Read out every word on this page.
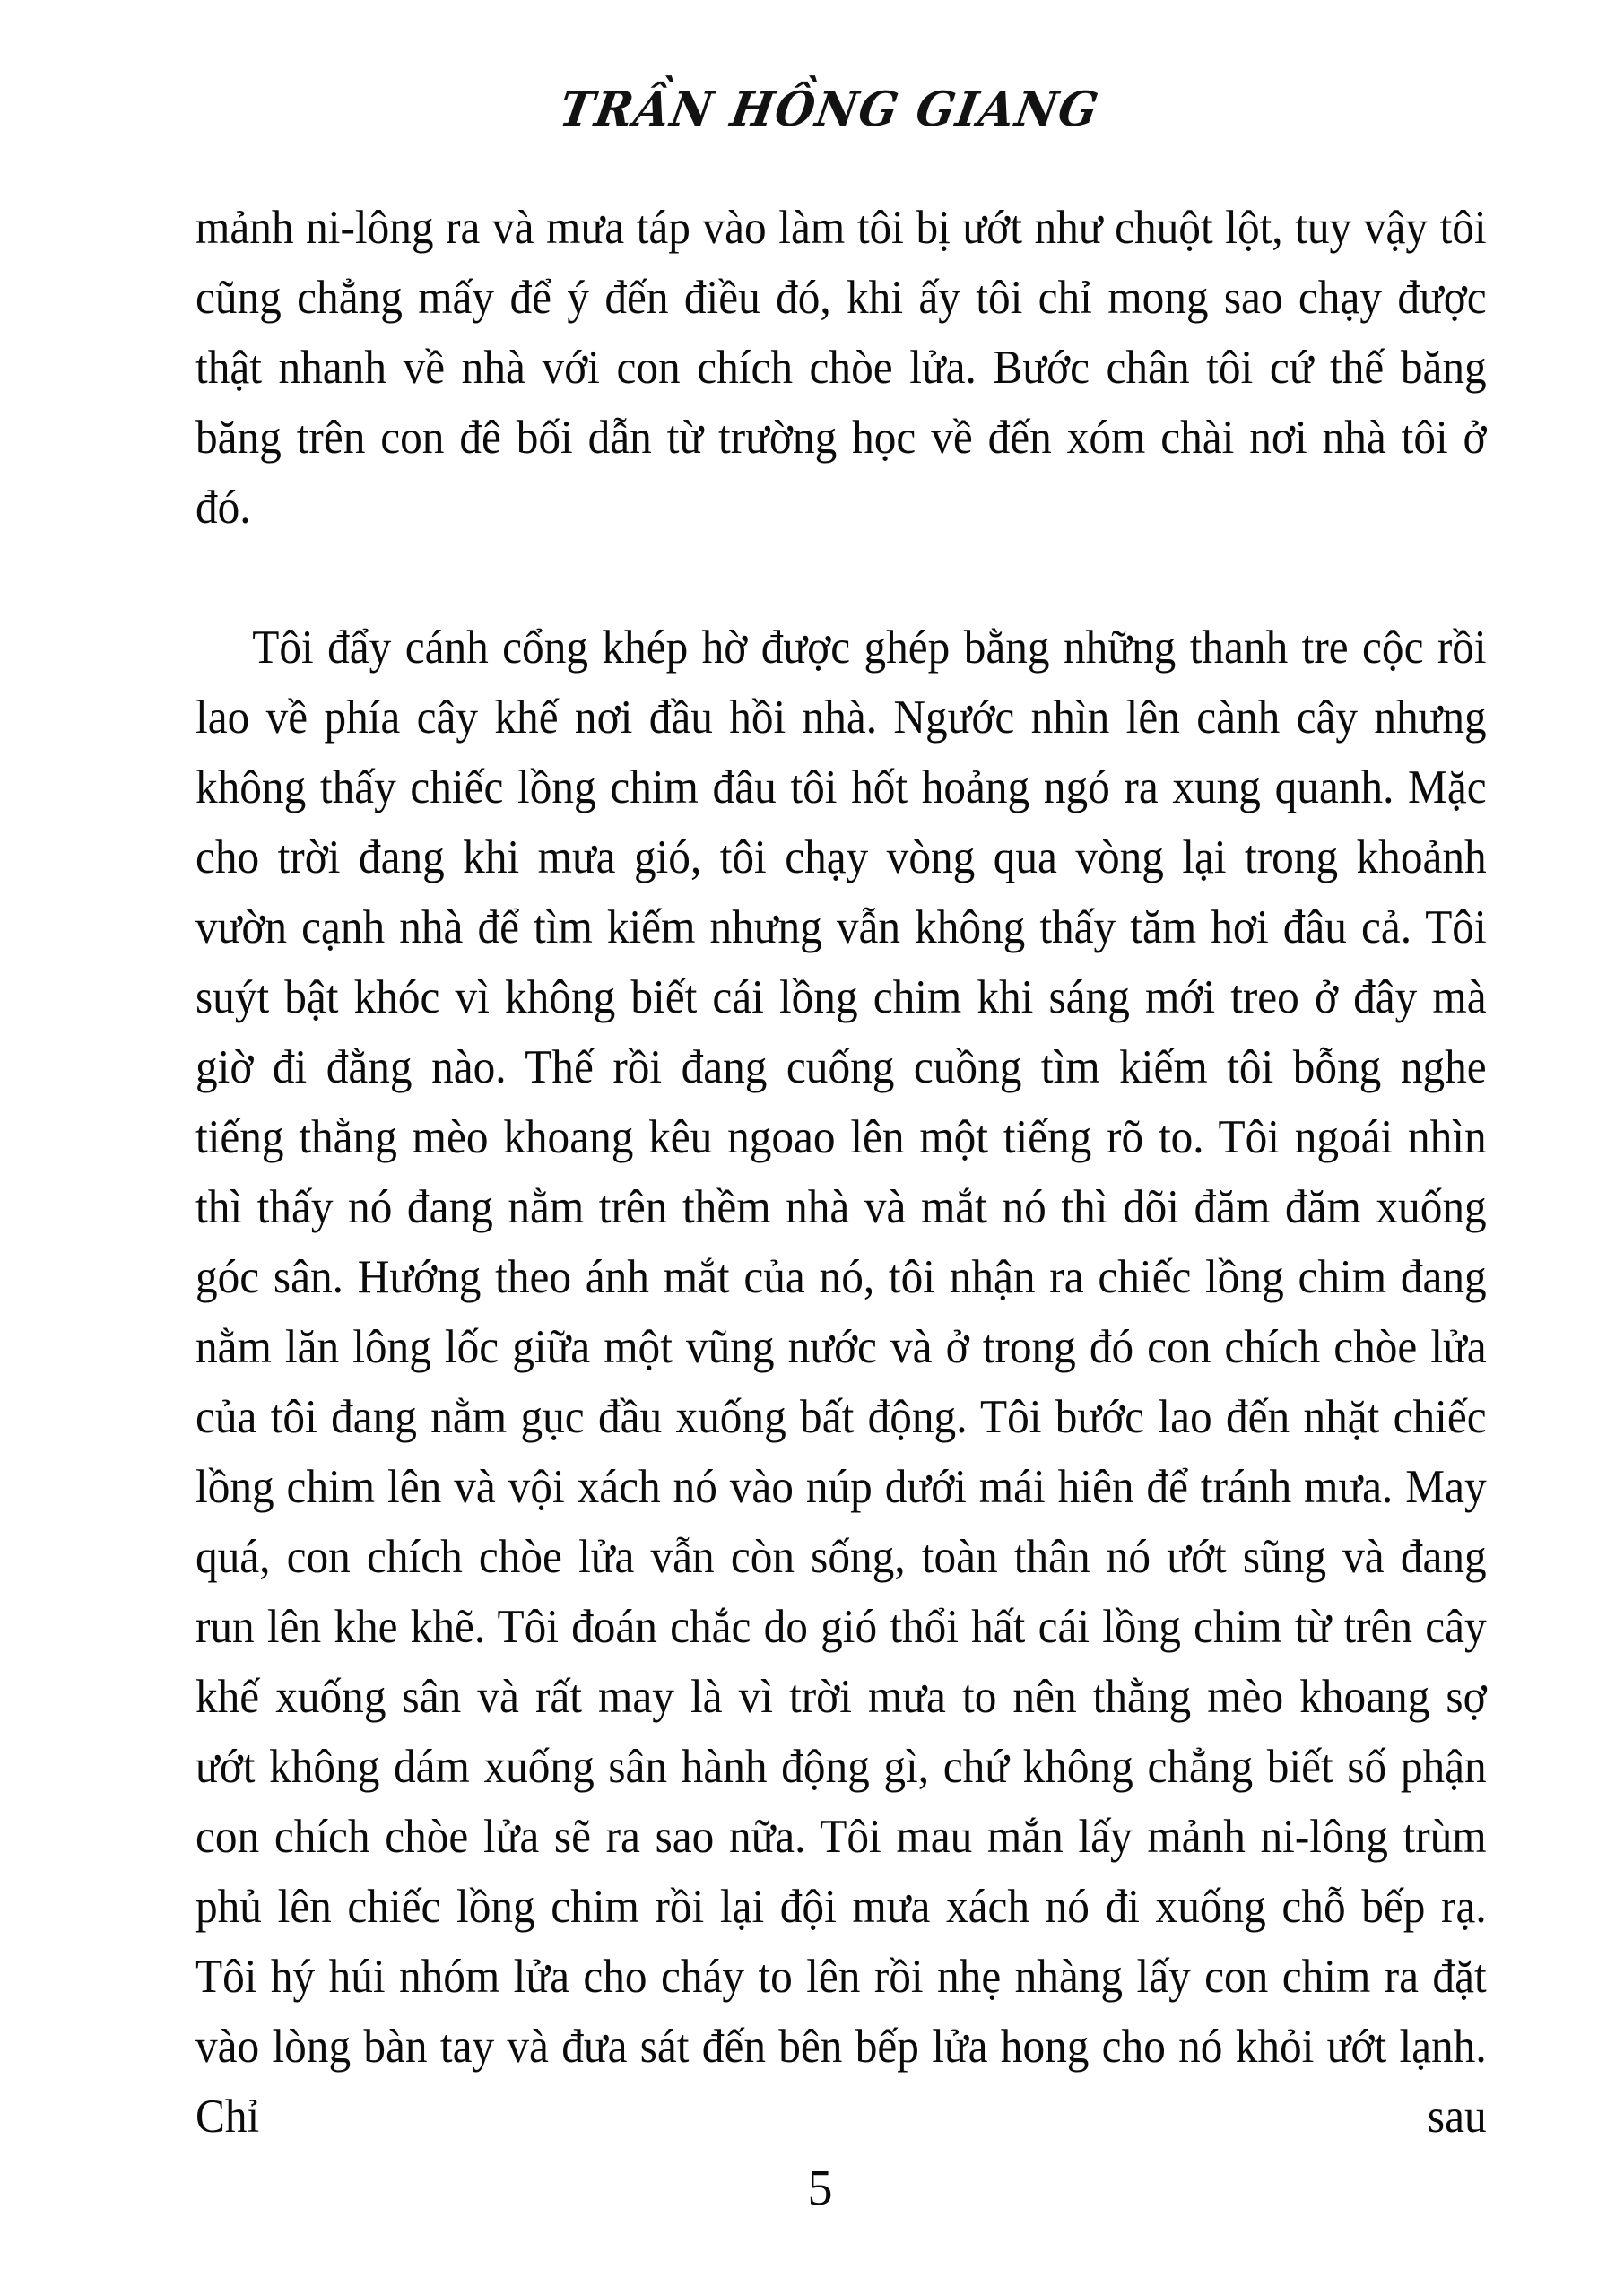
TRẦN HỒNG GIANG

mảnh ni-lông ra và mưa táp vào làm tôi bị ướt như chuột lột, tuy vậy tôi cũng chẳng mấy để ý đến điều đó, khi ấy tôi chỉ mong sao chạy được thật nhanh về nhà với con chích chòe lửa. Bước chân tôi cứ thế băng băng trên con đê bối dẫn từ trường học về đến xóm chài nơi nhà tôi ở đó.

Tôi đẩy cánh cổng khép hờ được ghép bằng những thanh tre cộc rồi lao về phía cây khế nơi đầu hồi nhà. Ngước nhìn lên cành cây nhưng không thấy chiếc lồng chim đâu tôi hốt hoảng ngó ra xung quanh. Mặc cho trời đang khi mưa gió, tôi chạy vòng qua vòng lại trong khoảnh vườn cạnh nhà để tìm kiếm nhưng vẫn không thấy tăm hơi đâu cả. Tôi suýt bật khóc vì không biết cái lồng chim khi sáng mới treo ở đây mà giờ đi đằng nào. Thế rồi đang cuống cuồng tìm kiếm tôi bỗng nghe tiếng thằng mèo khoang kêu ngoao lên một tiếng rõ to. Tôi ngoái nhìn thì thấy nó đang nằm trên thềm nhà và mắt nó thì dõi đăm đăm xuống góc sân. Hướng theo ánh mắt của nó, tôi nhận ra chiếc lồng chim đang nằm lăn lông lốc giữa một vũng nước và ở trong đó con chích chòe lửa của tôi đang nằm gục đầu xuống bất động. Tôi bước lao đến nhặt chiếc lồng chim lên và vội xách nó vào núp dưới mái hiên để tránh mưa. May quá, con chích chòe lửa vẫn còn sống, toàn thân nó ướt sũng và đang run lên khe khẽ. Tôi đoán chắc do gió thổi hất cái lồng chim từ trên cây khế xuống sân và rất may là vì trời mưa to nên thằng mèo khoang sợ ướt không dám xuống sân hành động gì, chứ không chẳng biết số phận con chích chòe lửa sẽ ra sao nữa. Tôi mau mắn lấy mảnh ni-lông trùm phủ lên chiếc lồng chim rồi lại đội mưa xách nó đi xuống chỗ bếp rạ. Tôi hý húi nhóm lửa cho cháy to lên rồi nhẹ nhàng lấy con chim ra đặt vào lòng bàn tay và đưa sát đến bên bếp lửa hong cho nó khỏi ướt lạnh. Chỉ sau

5
